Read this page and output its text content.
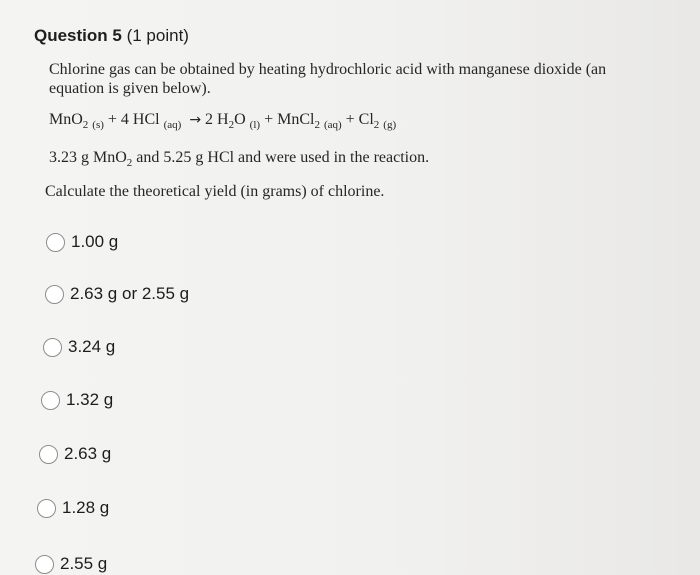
Question 5 (1 point)
Chlorine gas can be obtained by heating hydrochloric acid with manganese dioxide (an equation is given below).
MnO$_2$ $_{(s)}$ + 4 HCl $_{(aq)}$ → 2 $H_2O$ $_{(l)}$ + MnCl$_2$ $_{(aq)} + Cl_2$ $_{(g)}$
3.23 g MnO$_2$ and 5.25 g HCl and were used in the reaction.
Calculate the theoretical yield (in grams) of chlorine.
1.00 g
2.63 g or 2.55 g
3.24 g
1.32 g
2.63 g
1.28 g
2.55 g
